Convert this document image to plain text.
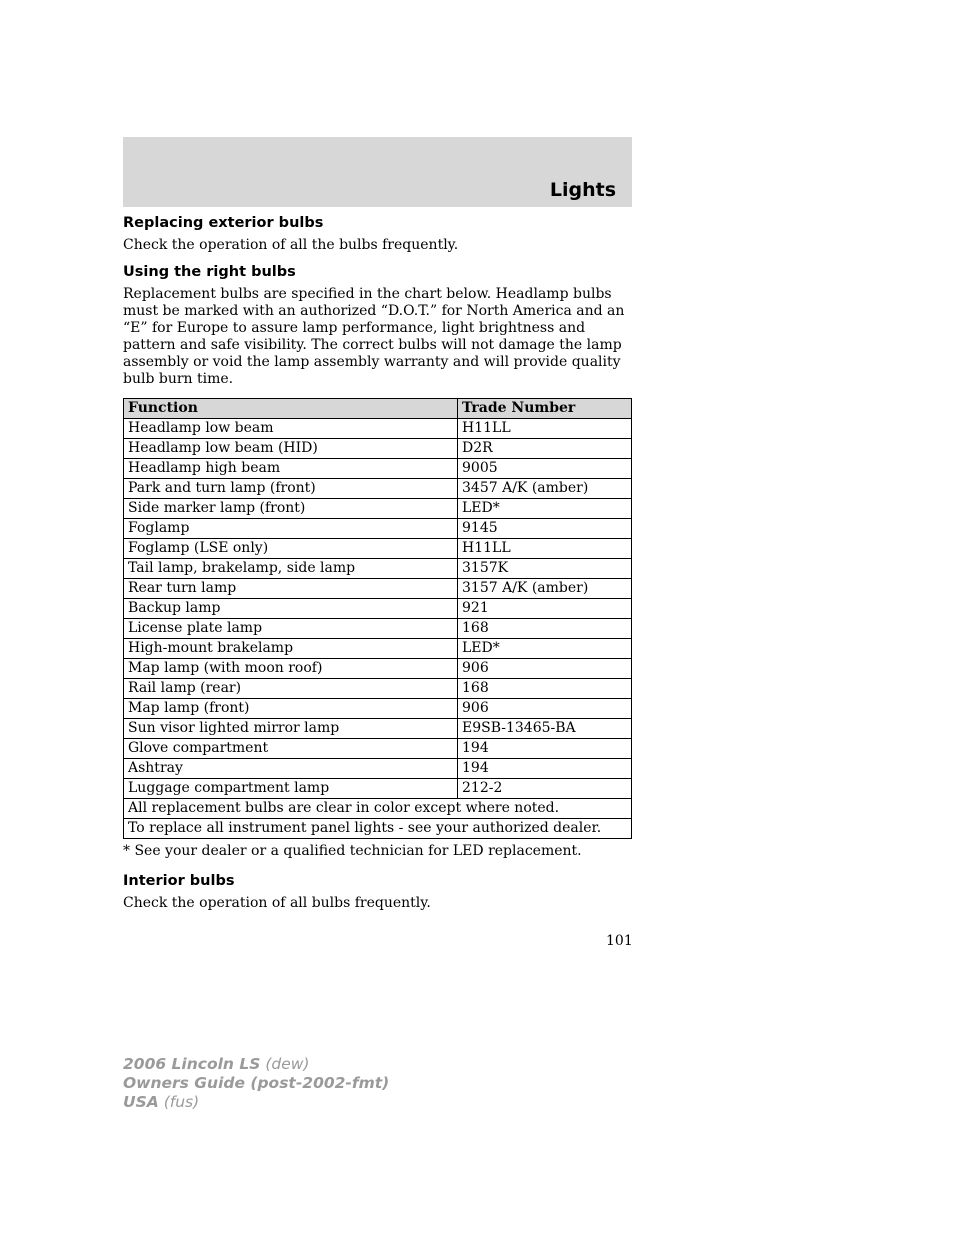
Lights
Replacing exterior bulbs
Check the operation of all the bulbs frequently.
Using the right bulbs
Replacement bulbs are specified in the chart below. Headlamp bulbs must be marked with an authorized “D.O.T.” for North America and an “E” for Europe to assure lamp performance, light brightness and pattern and safe visibility. The correct bulbs will not damage the lamp assembly or void the lamp assembly warranty and will provide quality bulb burn time.
Function	Trade Number
Headlamp low beam	H11LL
Headlamp low beam (HID)	D2R
Headlamp high beam	9005
Park and turn lamp (front)	3457 A/K (amber)
Side marker lamp (front)	LED*
Foglamp	9145
Foglamp (LSE only)	H11LL
Tail lamp, brakelamp, side lamp	3157K
Rear turn lamp	3157 A/K (amber)
Backup lamp	921
License plate lamp	168
High-mount brakelamp	LED*
Map lamp (with moon roof)	906
Rail lamp (rear)	168
Map lamp (front)	906
Sun visor lighted mirror lamp	E9SB-13465-BA
Glove compartment	194
Ashtray	194
Luggage compartment lamp	212-2
All replacement bulbs are clear in color except where noted.	
To replace all instrument panel lights - see your authorized dealer.	
* See your dealer or a qualified technician for LED replacement.
Interior bulbs
Check the operation of all bulbs frequently.
101
2006 Lincoln LS (dew)
Owners Guide (post-2002-fmt)
USA (fus)
